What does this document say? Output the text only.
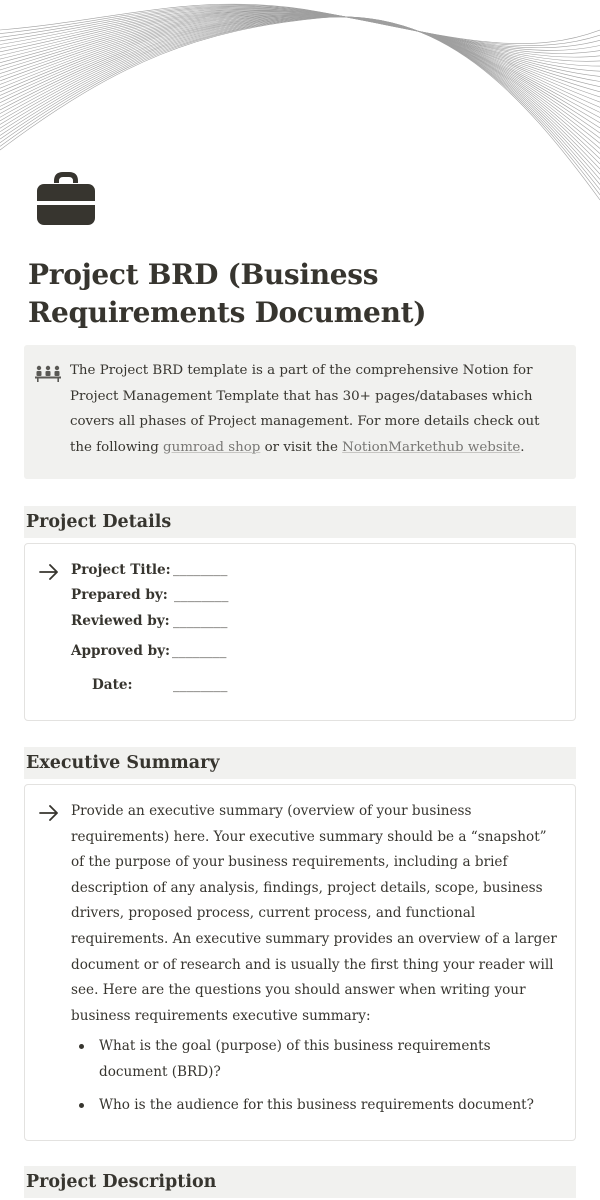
Project BRD (Business Requirements Document)
The Project BRD template is a part of the comprehensive Notion for Project Management Template that has 30+ pages/databases which covers all phases of Project management. For more details check out the following gumroad shop or visit the NotionMarkethub website.
Project Details
Project Title: ________
Prepared by: ________
Reviewed by: ________
Approved by: ________
Date:	________
Executive Summary

Provide an executive summary (overview of your business requirements) here. Your executive summary should be a “snapshot” of the purpose of your business requirements, including a brief description of any analysis, findings, project details, scope, business drivers, proposed process, current process, and functional requirements. An executive summary provides an overview of a larger document or of research and is usually the first thing your reader will see. Here are the questions you should answer when writing your business requirements executive summary:

What is the goal (purpose) of this business requirements document (BRD)?
Who is the audience for this business requirements document?
Project Description
